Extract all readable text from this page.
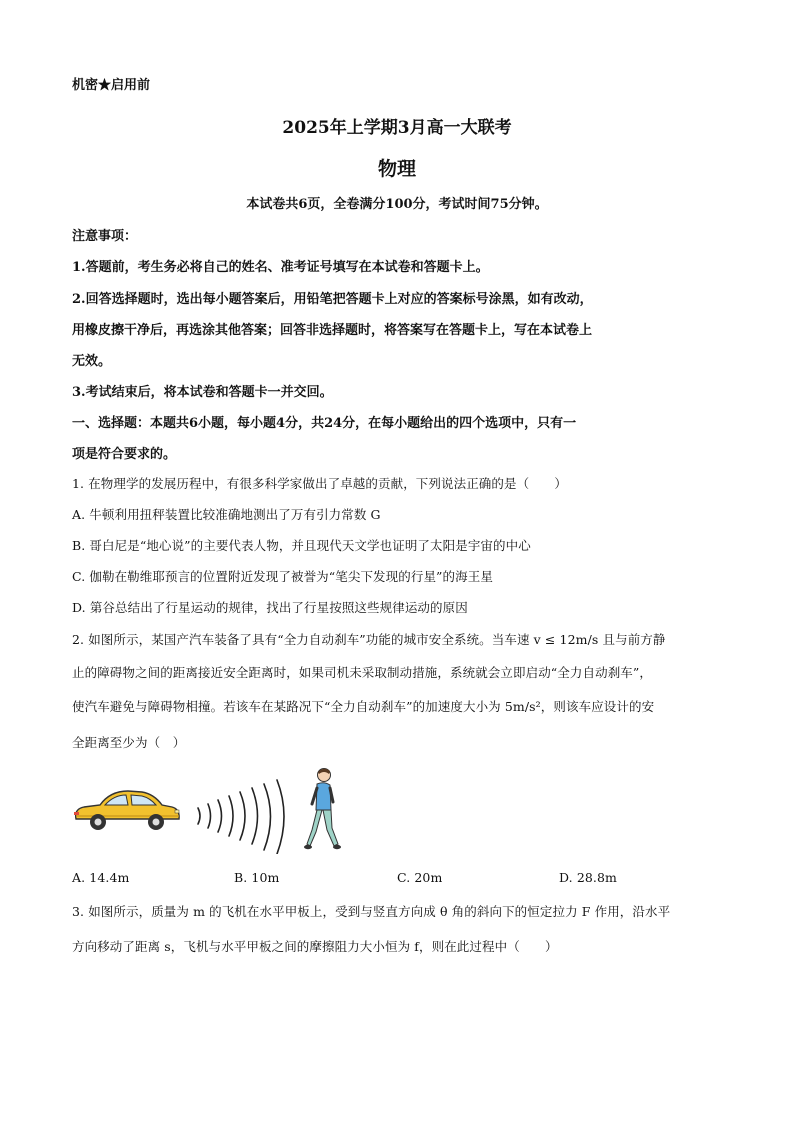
机密★启用前
2025年上学期3月高一大联考
物理
本试卷共6页，全卷满分100分，考试时间75分钟。
注意事项：
1.答题前，考生务必将自己的姓名、准考证号填写在本试卷和答题卡上。
2.回答选择题时，选出每小题答案后，用铅笔把答题卡上对应的答案标号涂黑，如有改动，
用橡皮擦干净后，再选涂其他答案；回答非选择题时，将答案写在答题卡上，写在本试卷上
无效。
3.考试结束后，将本试卷和答题卡一并交回。
一、选择题：本题共6小题，每小题4分，共24分，在每小题给出的四个选项中，只有一
项是符合要求的。
1. 在物理学的发展历程中，有很多科学家做出了卓越的贡献，下列说法正确的是（　　）
A. 牛顿利用扭秤装置比较准确地测出了万有引力常数 G
B. 哥白尼是“地心说”的主要代表人物，并且现代天文学也证明了太阳是宇宙的中心
C. 伽勒在勒维耶预言的位置附近发现了被誉为“笔尖下发现的行星”的海王星
D. 第谷总结出了行星运动的规律，找出了行星按照这些规律运动的原因
2. 如图所示，某国产汽车装备了具有“全力自动刹车”功能的城市安全系统。当车速 v ≤ 12m/s 且与前方静
止的障碍物之间的距离接近安全距离时，如果司机未采取制动措施，系统就会立即启动“全力自动刹车”，
使汽车避免与障碍物相撞。若该车在某路况下“全力自动刹车”的加速度大小为 5m/s²，则该车应设计的安
全距离至少为（　）
A. 14.4m	B. 10m	C. 20m	D. 28.8m
3. 如图所示，质量为 m 的飞机在水平甲板上，受到与竖直方向成 θ 角的斜向下的恒定拉力 F 作用，沿水平
方向移动了距离 s，飞机与水平甲板之间的摩擦阻力大小恒为 f，则在此过程中（　　）
